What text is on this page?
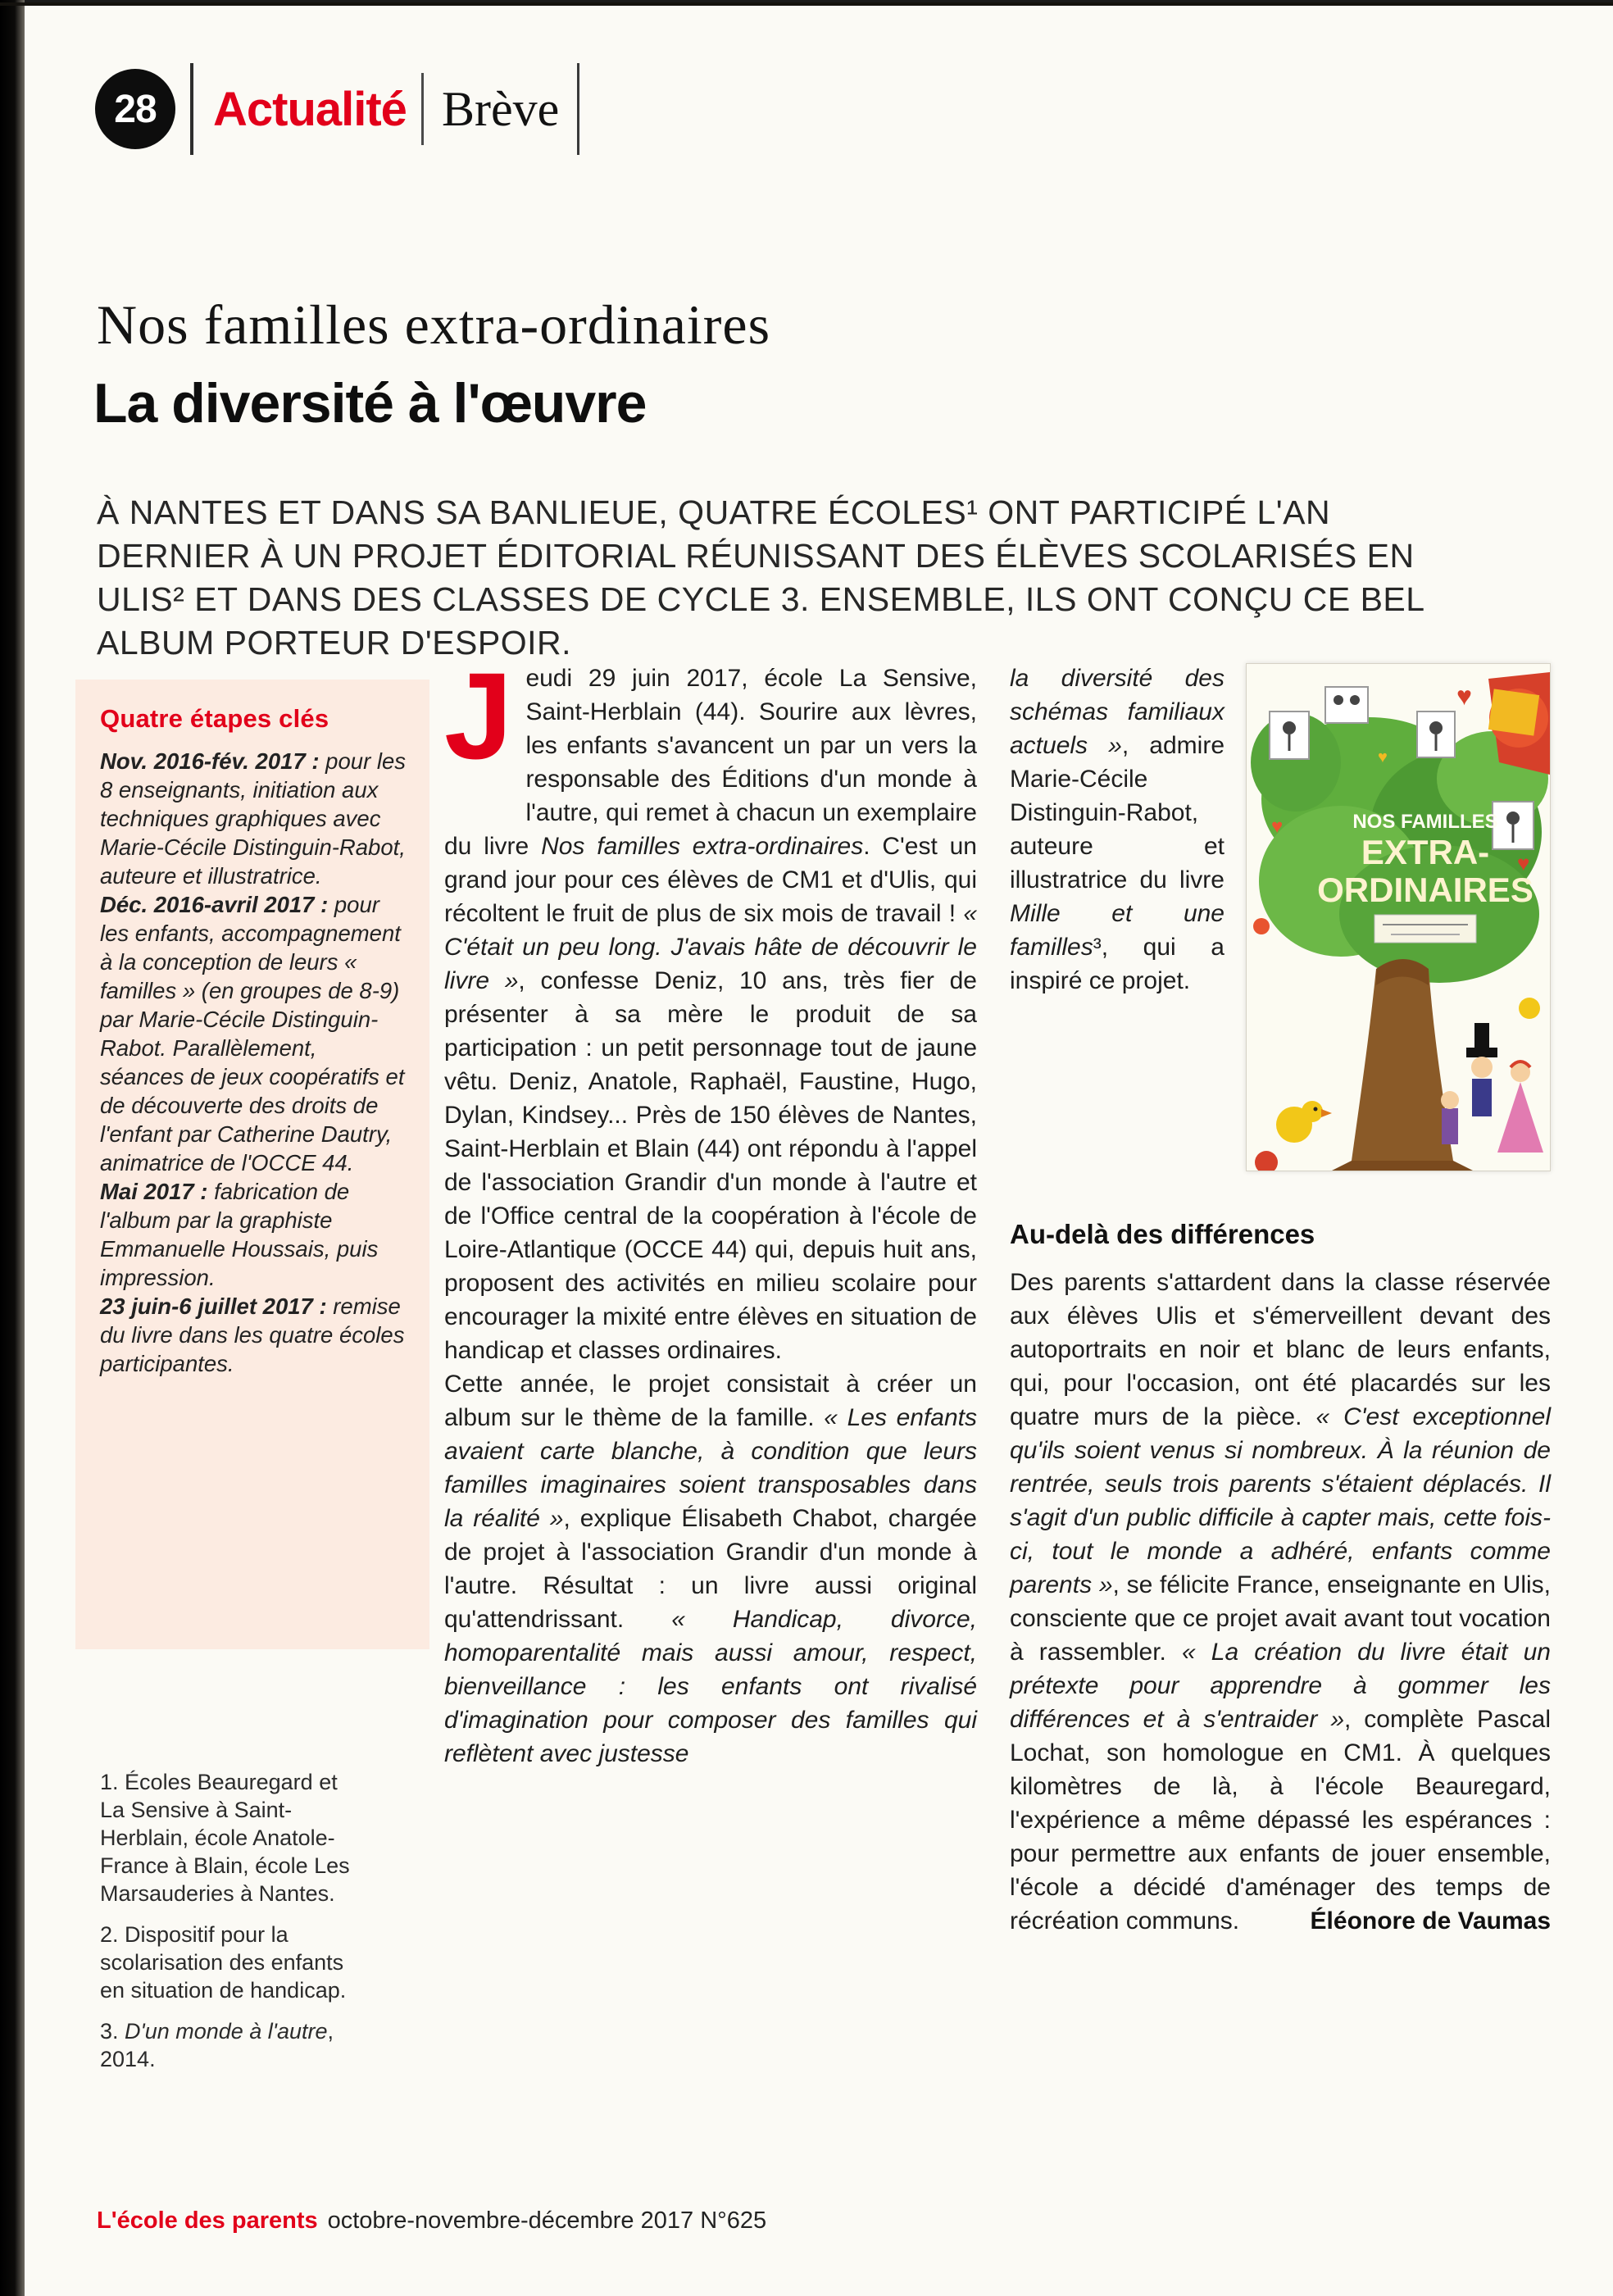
28	Actualité Brève
Nos familles extra-ordinaires
La diversité à l'œuvre
À NANTES ET DANS SA BANLIEUE, QUATRE ÉCOLES¹ ONT PARTICIPÉ L'AN DERNIER À UN PROJET ÉDITORIAL RÉUNISSANT DES ÉLÈVES SCOLARISÉS EN ULIS² ET DANS DES CLASSES DE CYCLE 3. ENSEMBLE, ILS ONT CONÇU CE BEL ALBUM PORTEUR D'ESPOIR.
Quatre étapes clés

Nov. 2016-fév. 2017 : pour les 8 enseignants, initiation aux techniques graphiques avec Marie-Cécile Distinguin-Rabot, auteure et illustratrice.

Déc. 2016-avril 2017 : pour les enfants, accompagnement à la conception de leurs « familles » (en groupes de 8-9) par Marie-Cécile Distinguin-Rabot. Parallèlement, séances de jeux coopératifs et de découverte des droits de l'enfant par Catherine Dautry, animatrice de l'OCCE 44.

Mai 2017 : fabrication de l'album par la graphiste Emmanuelle Houssais, puis impression.

23 juin-6 juillet 2017 : remise du livre dans les quatre écoles participantes.

1. Écoles Beauregard et La Sensive à Saint-Herblain, école Anatole-France à Blain, école Les Marsauderies à Nantes.

2. Dispositif pour la scolarisation des enfants en situation de handicap.

3. D'un monde à l'autre, 2014.

Jeudi 29 juin 2017, école La Sensive, Saint-Herblain (44). Sourire aux lèvres, les enfants s'avancent un par un vers la responsable des Éditions d'un monde à l'autre, qui remet à chacun un exemplaire du livre Nos familles extra-ordinaires. C'est un grand jour pour ces élèves de CM1 et d'Ulis, qui récoltent le fruit de plus de six mois de travail ! « C'était un peu long. J'avais hâte de découvrir le livre », confesse Deniz, 10 ans, très fier de présenter à sa mère le produit de sa participation : un petit personnage tout de jaune vêtu. Deniz, Anatole, Raphaël, Faustine, Hugo, Dylan, Kindsey... Près de 150 élèves de Nantes, Saint-Herblain et Blain (44) ont répondu à l'appel de l'association Grandir d'un monde à l'autre et de l'Office central de la coopération à l'école de Loire-Atlantique (OCCE 44) qui, depuis huit ans, proposent des activités en milieu scolaire pour encourager la mixité entre élèves en situation de handicap et classes ordinaires.

Cette année, le projet consistait à créer un album sur le thème de la famille. « Les enfants avaient carte blanche, à condition que leurs familles imaginaires soient transposables dans la réalité », explique Élisabeth Chabot, chargée de projet à l'association Grandir d'un monde à l'autre. Résultat : un livre aussi original qu'attendrissant. « Handicap, divorce, homoparentalité mais aussi amour, respect, bienveillance : les enfants ont rivalisé d'imagination pour composer des familles qui reflètent avec justesse

♥
♥
♥
♥
NOS FAMILLES
EXTRA-
ORDINAIRES

la diversité des schémas familiaux actuels », admire Marie-Cécile Distinguin-Rabot, auteure et illustratrice du livre Mille et une familles³, qui a inspiré ce projet.

Au-delà des différences

Des parents s'attardent dans la classe réservée aux élèves Ulis et s'émerveillent devant des autoportraits en noir et blanc de leurs enfants, qui, pour l'occasion, ont été placardés sur les quatre murs de la pièce. « C'est exceptionnel qu'ils soient venus si nombreux. À la réunion de rentrée, seuls trois parents s'étaient déplacés. Il s'agit d'un public difficile à capter mais, cette fois-ci, tout le monde a adhéré, enfants comme parents », se félicite France, enseignante en Ulis, consciente que ce projet avait avant tout vocation à rassembler. « La création du livre était un prétexte pour apprendre à gommer les différences et à s'entraider », complète Pascal Lochat, son homologue en CM1. À quelques kilomètres de là, à l'école Beauregard, l'expérience a même dépassé les espérances : pour permettre aux enfants de jouer ensemble, l'école a décidé d'aménager des temps de récréation communs.	Éléonore de Vaumas
L'école des parents octobre-novembre-décembre 2017 N°625
